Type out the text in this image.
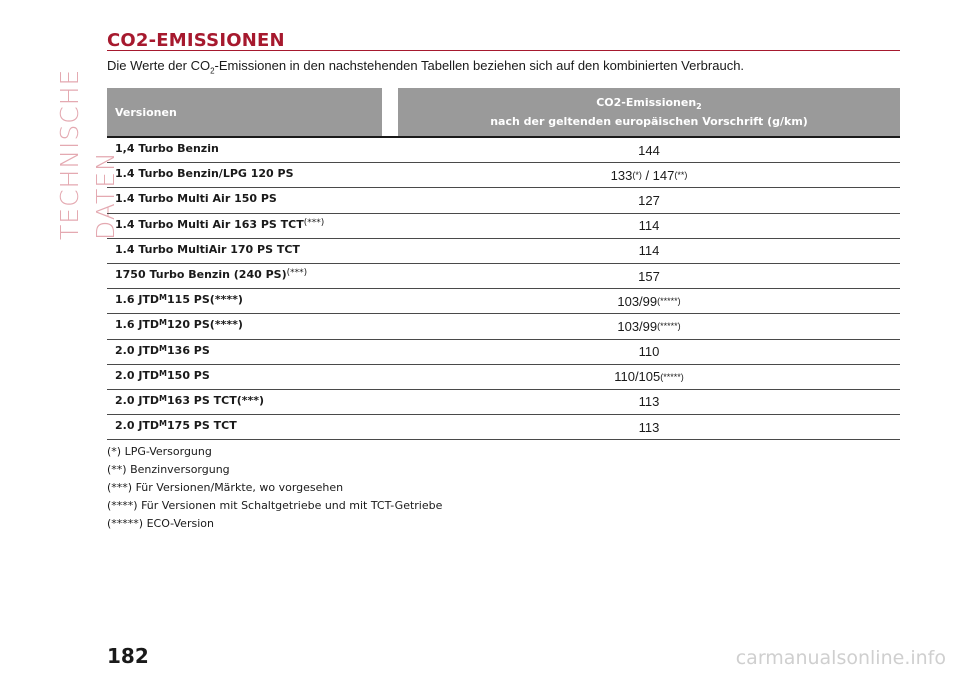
TECHNISCHE DATEN
CO2-EMISSIONEN
Die Werte der $CO_2$-Emissionen in den nachstehenden Tabellen beziehen sich auf den kombinierten Verbrauch.
Versionen
CO2-Emissionen$_2$
nach der geltenden europäischen Vorschrift (g/km)
1,4 Turbo Benzin	144
1.4 Turbo Benzin/LPG 120 PS	133 (*) / 147 (**)
1.4 Turbo Multi Air 150 PS	127
1.4 Turbo Multi Air 163 PS TCT (***)	114
1.4 Turbo MultiAir 170 PS TCT	114
1750 Turbo Benzin (240 PS) (***)	157
1.6 JTD M 115 PS(****)	103/99 (*****)
1.6 JTD M 120 PS(****)	103/99 (*****)
2.0 JTD M 136 PS	110
2.0 JTD M 150 PS	110/105 (*****)
2.0 JTD M 163 PS TCT(***)	113
2.0 JTD M 175 PS TCT	113
(*) LPG-Versorgung
(**) Benzinversorgung
(***) Für Versionen/Märkte, wo vorgesehen
(****) Für Versionen mit Schaltgetriebe und mit TCT-Getriebe
(*****) ECO-Version
182	carmanualsonline.info
